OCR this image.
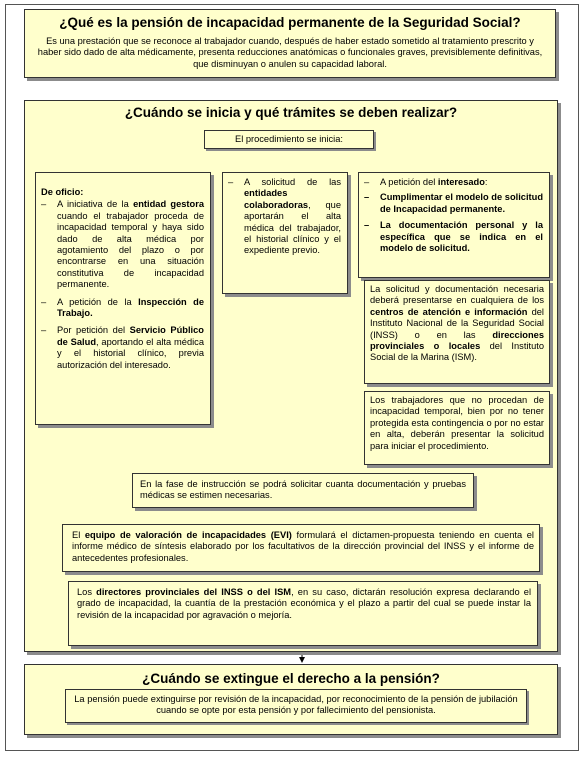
¿Qué es la pensión de incapacidad permanente de la Seguridad Social?
Es una prestación que se reconoce al trabajador cuando, después de haber estado sometido al tratamiento prescrito y haber sido dado de alta médicamente, presenta reducciones anatómicas o funcionales graves, previsiblemente definitivas, que disminuyan o anulen su capacidad laboral.
¿Cuándo se inicia y qué trámites se deben realizar?
El procedimiento se inicia:
De oficio:
– A iniciativa de la entidad gestora cuando el trabajador proceda de incapacidad temporal y haya sido dado de alta médica por agotamiento del plazo o por encontrarse en una situación constitutiva de incapacidad permanente.
– A petición de la Inspección de Trabajo.
– Por petición del Servicio Público de Salud, aportando el alta médica y el historial clínico, previa autorización del interesado.
– A solicitud de las entidades colaboradoras, que aportarán el alta médica del trabajador, el historial clínico y el expediente previo.
– A petición del interesado:
– Cumplimentar el modelo de solicitud de Incapacidad permanente.
– La documentación personal y la específica que se indica en el modelo de solicitud.
La solicitud y documentación necesaria deberá presentarse en cualquiera de los centros de atención e información del Instituto Nacional de la Seguridad Social (INSS) o en las direcciones provinciales o locales del Instituto Social de la Marina (ISM).
Los trabajadores que no procedan de incapacidad temporal, bien por no tener protegida esta contingencia o por no estar en alta, deberán presentar la solicitud para iniciar el procedimiento.
En la fase de instrucción se podrá solicitar cuanta documentación y pruebas médicas se estimen necesarias.
El equipo de valoración de incapacidades (EVI) formulará el dictamen-propuesta teniendo en cuenta el informe médico de síntesis elaborado por los facultativos de la dirección provincial del INSS y el informe de antecedentes profesionales.
Los directores provinciales del INSS o del ISM, en su caso, dictarán resolución expresa declarando el grado de incapacidad, la cuantía de la prestación económica y el plazo a partir del cual se puede instar la revisión de la incapacidad por agravación o mejoría.
¿Cuándo se extingue el derecho a la pensión?
La pensión puede extinguirse por revisión de la incapacidad, por reconocimiento de la pensión de jubilación cuando se opte por esta pensión y por fallecimiento del pensionista.
